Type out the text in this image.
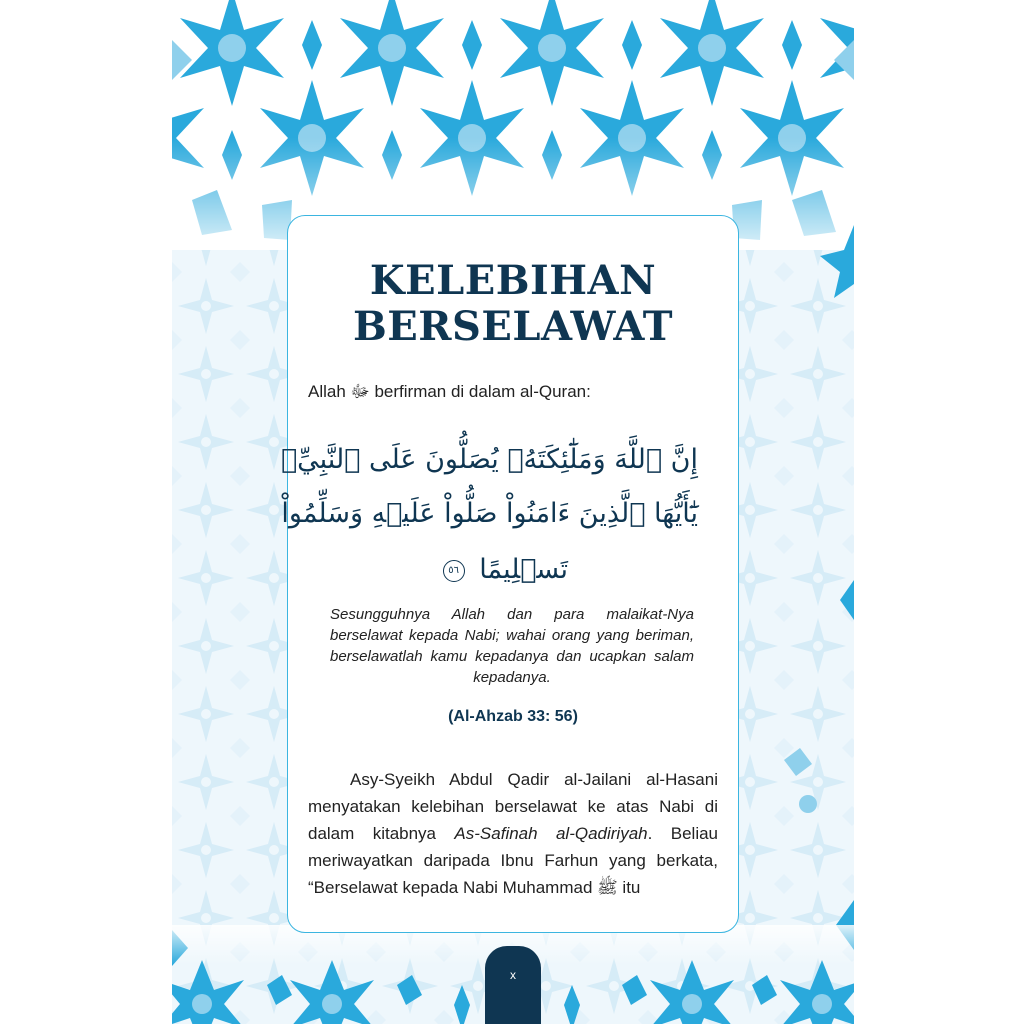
KELEBIHAN
BERSELAWAT
Allah ﷻ berfirman di dalam al-Quran:
إِنَّ ٱللَّهَ وَمَلَٰٓئِكَتَهُۥ يُصَلُّونَ عَلَى ٱلنَّبِيِّۚ
يَٰٓأَيُّهَا ٱلَّذِينَ ءَامَنُواْ صَلُّواْ عَلَيۡهِ وَسَلِّمُواْ
تَسۡلِيمًا ٥٦
Sesungguhnya Allah dan para malaikat-Nya berselawat kepada Nabi; wahai orang yang beriman, berselawatlah kamu kepadanya dan ucapkan salam kepadanya.
(Al-Ahzab 33: 56)
Asy-Syeikh Abdul Qadir al-Jailani al-Hasani menyatakan kelebihan berselawat ke atas Nabi di dalam kitabnya As-Safinah al-Qadiriyah. Beliau meriwayatkan daripada Ibnu Farhun yang berkata, “Berselawat kepada Nabi Muhammad ﷺ itu
x
